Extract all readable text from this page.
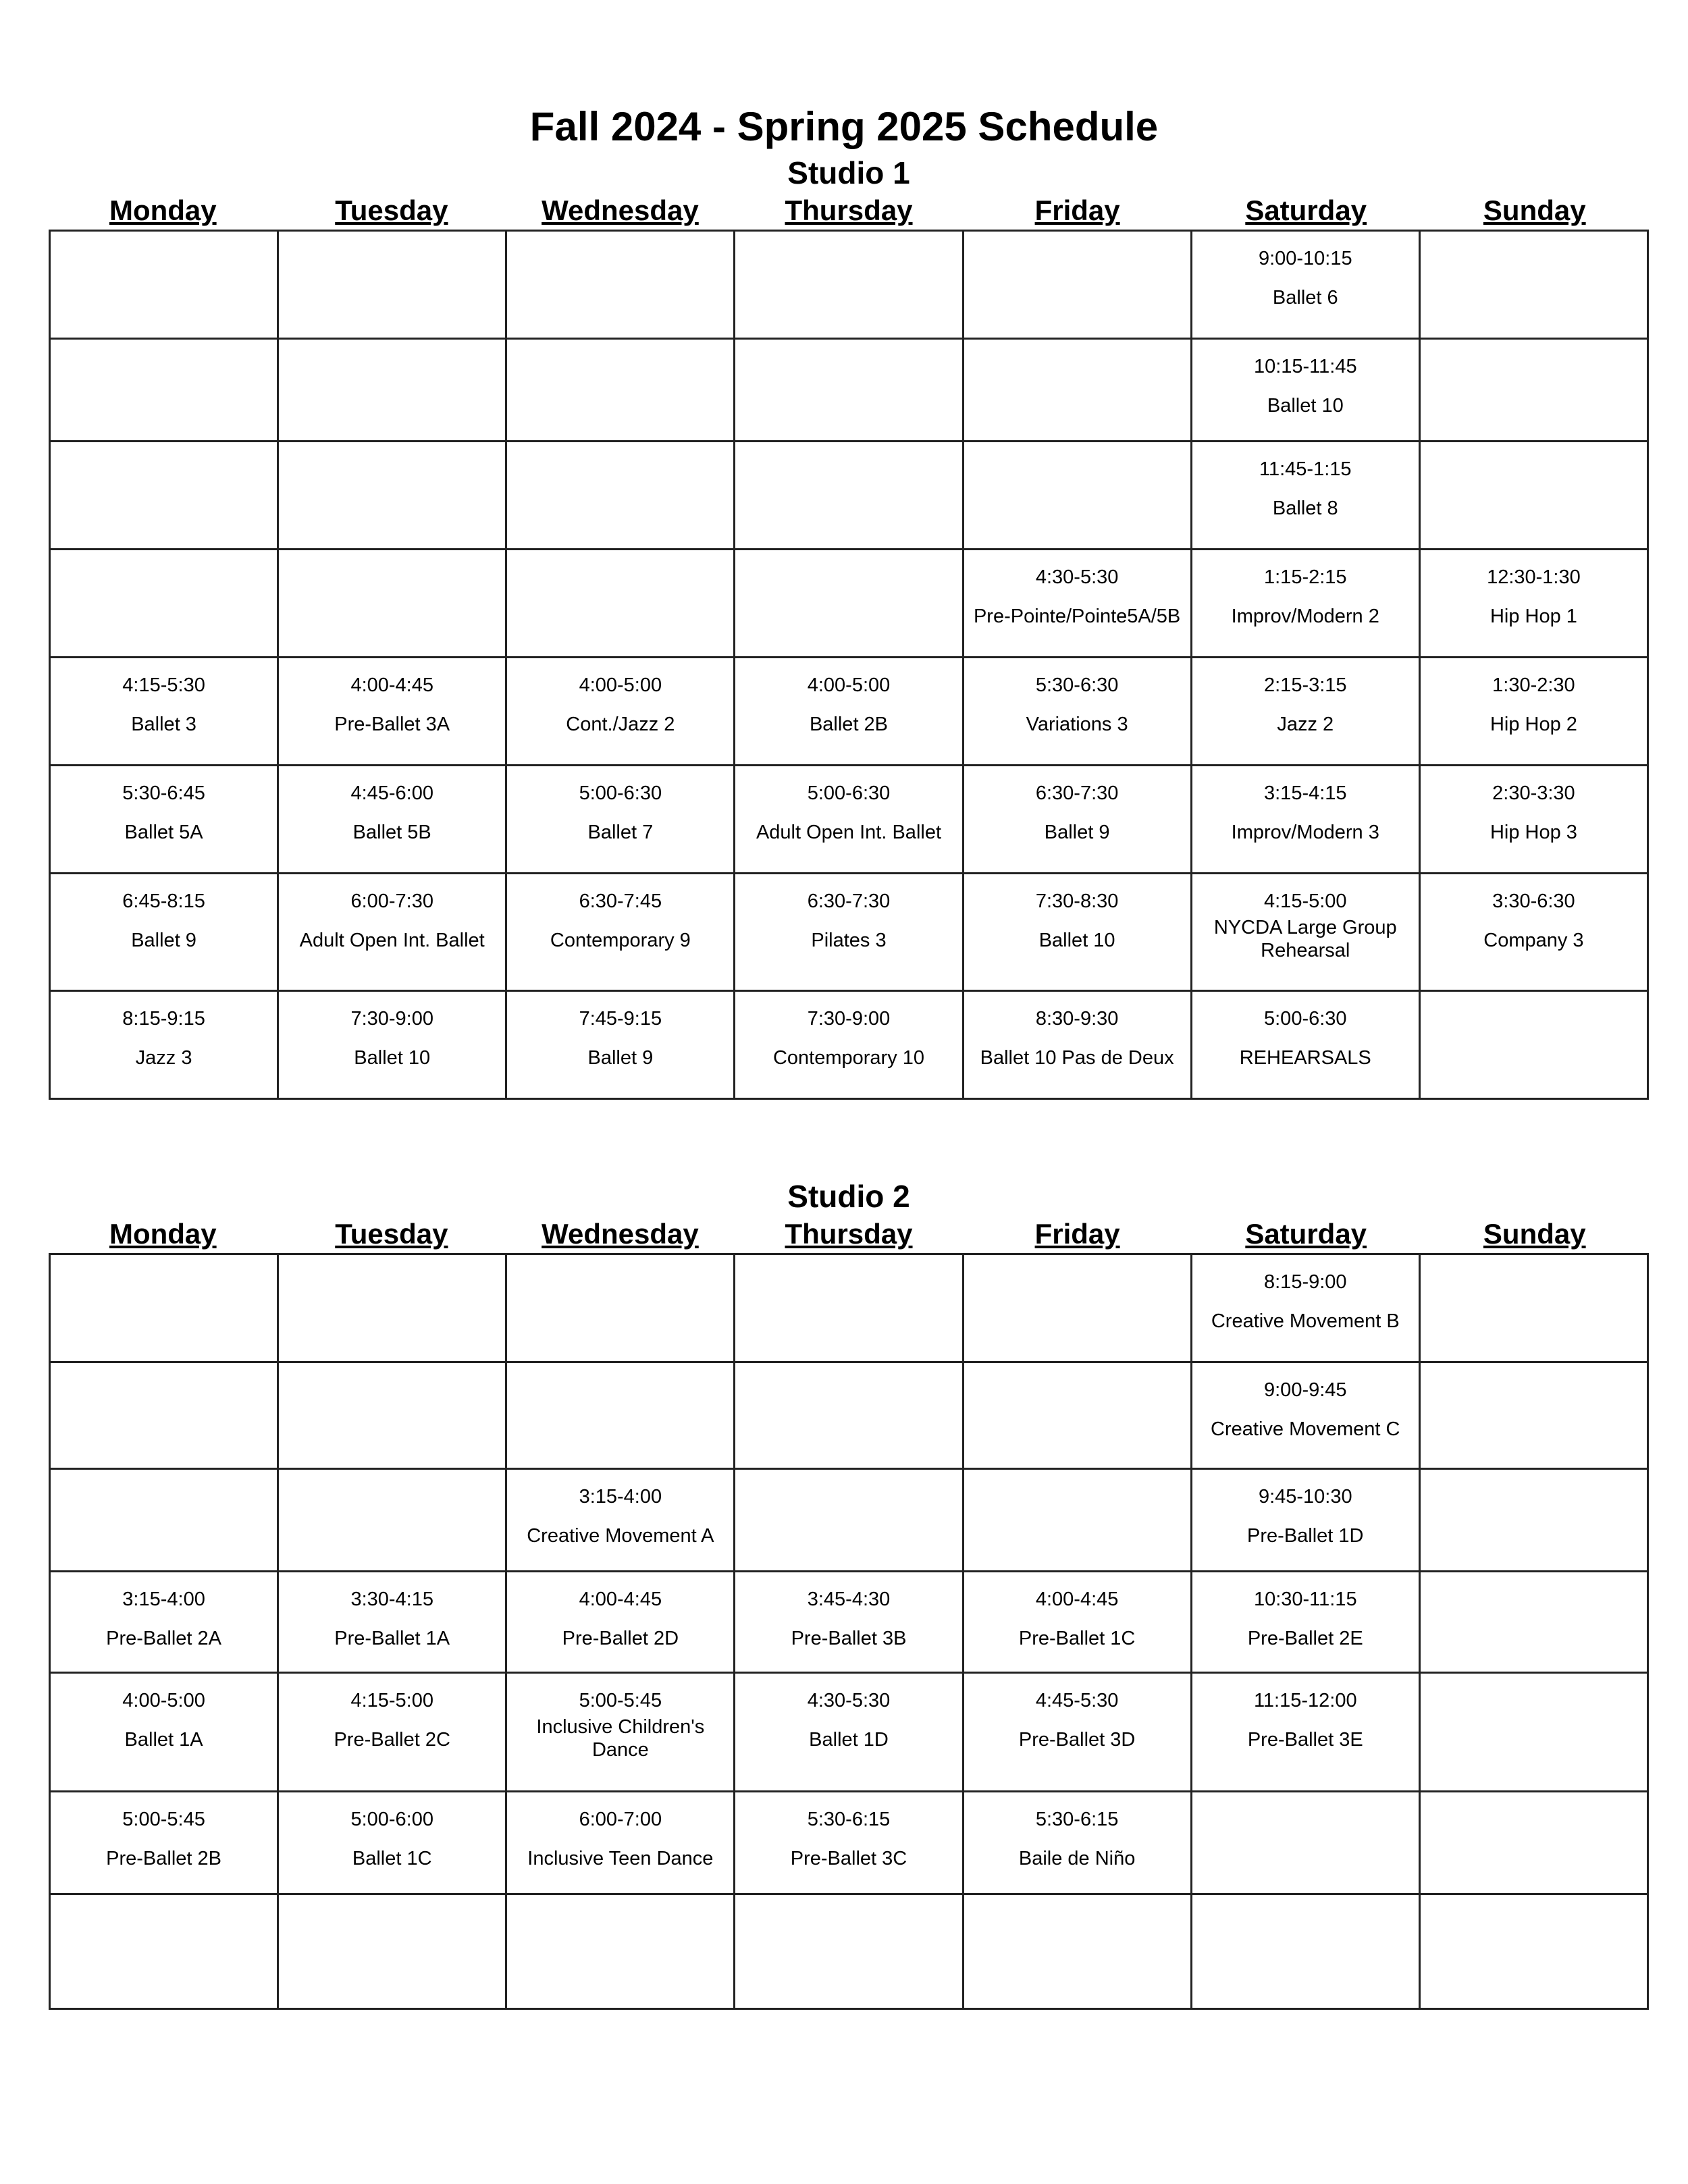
Fall 2024 - Spring 2025 Schedule
Studio 1
Monday	Tuesday	Wednesday	Thursday	Friday	Saturday	Sunday

					9:00-10:15
Ballet 6	

					10:15-11:45
Ballet 10	

					11:45-1:15
Ballet 8	

				4:30-5:30
Pre-Pointe/Pointe5A/5B	1:15-2:15
Improv/Modern 2	12:30-1:30
Hip Hop 1

4:15-5:30
Ballet 3	4:00-4:45
Pre-Ballet 3A	4:00-5:00
Cont./Jazz 2	4:00-5:00
Ballet 2B	5:30-6:30
Variations 3	2:15-3:15
Jazz 2	1:30-2:30
Hip Hop 2

5:30-6:45
Ballet 5A	4:45-6:00
Ballet 5B	5:00-6:30
Ballet 7	5:00-6:30
Adult Open Int. Ballet	6:30-7:30
Ballet 9	3:15-4:15
Improv/Modern 3	2:30-3:30
Hip Hop 3

6:45-8:15
Ballet 9	6:00-7:30
Adult Open Int. Ballet	6:30-7:45
Contemporary 9	6:30-7:30
Pilates 3	7:30-8:30
Ballet 10	4:15-5:00
NYCDA Large Group Rehearsal	3:30-6:30
Company 3

8:15-9:15
Jazz 3	7:30-9:00
Ballet 10	7:45-9:15
Ballet 9	7:30-9:00
Contemporary 10	8:30-9:30
Ballet 10 Pas de Deux	5:00-6:30
REHEARSALS	

Studio 2
Monday	Tuesday	Wednesday	Thursday	Friday	Saturday	Sunday

					8:15-9:00
Creative Movement B	

					9:00-9:45
Creative Movement C	

		3:15-4:00
Creative Movement A			9:45-10:30
Pre-Ballet 1D	

3:15-4:00
Pre-Ballet 2A	3:30-4:15
Pre-Ballet 1A	4:00-4:45
Pre-Ballet 2D	3:45-4:30
Pre-Ballet 3B	4:00-4:45
Pre-Ballet 1C	10:30-11:15
Pre-Ballet 2E	

4:00-5:00
Ballet 1A	4:15-5:00
Pre-Ballet 2C	5:00-5:45
Inclusive Children's Dance	4:30-5:30
Ballet 1D	4:45-5:30
Pre-Ballet 3D	11:15-12:00
Pre-Ballet 3E	

5:00-5:45
Pre-Ballet 2B	5:00-6:00
Ballet 1C	6:00-7:00
Inclusive Teen Dance	5:30-6:15
Pre-Ballet 3C	5:30-6:15
Baile de Niño		
